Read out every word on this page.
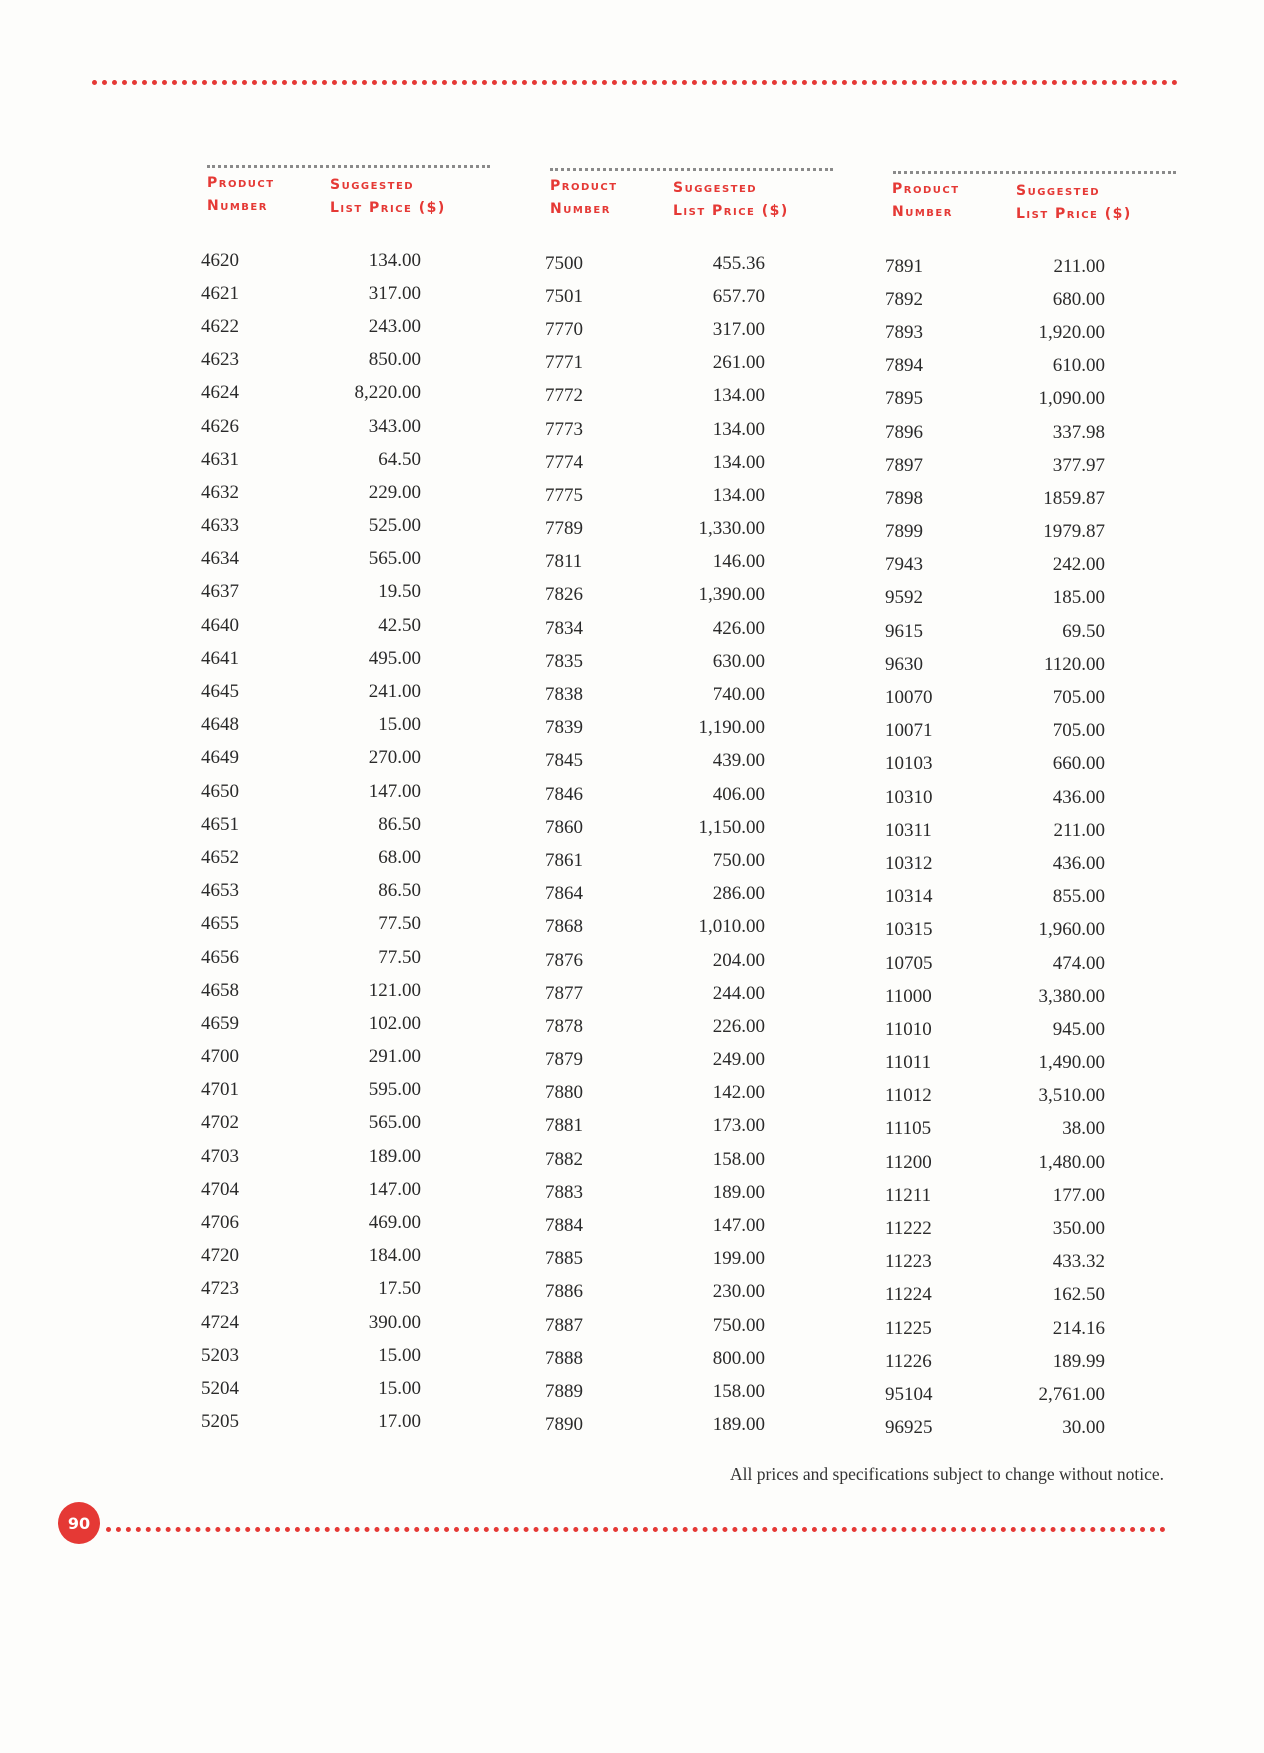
Product
Number
Suggested
List Price ($)
4620	134.00
4621	317.00
4622	243.00
4623	850.00
4624	8,220.00
4626	343.00
4631	64.50
4632	229.00
4633	525.00
4634	565.00
4637	19.50
4640	42.50
4641	495.00
4645	241.00
4648	15.00
4649	270.00
4650	147.00
4651	86.50
4652	68.00
4653	86.50
4655	77.50
4656	77.50
4658	121.00
4659	102.00
4700	291.00
4701	595.00
4702	565.00
4703	189.00
4704	147.00
4706	469.00
4720	184.00
4723	17.50
4724	390.00
5203	15.00
5204	15.00
5205	17.00
Product
Number
Suggested
List Price ($)
7500	455.36
7501	657.70
7770	317.00
7771	261.00
7772	134.00
7773	134.00
7774	134.00
7775	134.00
7789	1,330.00
7811	146.00
7826	1,390.00
7834	426.00
7835	630.00
7838	740.00
7839	1,190.00
7845	439.00
7846	406.00
7860	1,150.00
7861	750.00
7864	286.00
7868	1,010.00
7876	204.00
7877	244.00
7878	226.00
7879	249.00
7880	142.00
7881	173.00
7882	158.00
7883	189.00
7884	147.00
7885	199.00
7886	230.00
7887	750.00
7888	800.00
7889	158.00
7890	189.00
Product
Number
Suggested
List Price ($)
7891	211.00
7892	680.00
7893	1,920.00
7894	610.00
7895	1,090.00
7896	337.98
7897	377.97
7898	1859.87
7899	1979.87
7943	242.00
9592	185.00
9615	69.50
9630	1120.00
10070	705.00
10071	705.00
10103	660.00
10310	436.00
10311	211.00
10312	436.00
10314	855.00
10315	1,960.00
10705	474.00
11000	3,380.00
11010	945.00
11011	1,490.00
11012	3,510.00
11105	38.00
11200	1,480.00
11211	177.00
11222	350.00
11223	433.32
11224	162.50
11225	214.16
11226	189.99
95104	2,761.00
96925	30.00
All prices and specifications subject to change without notice.
90
